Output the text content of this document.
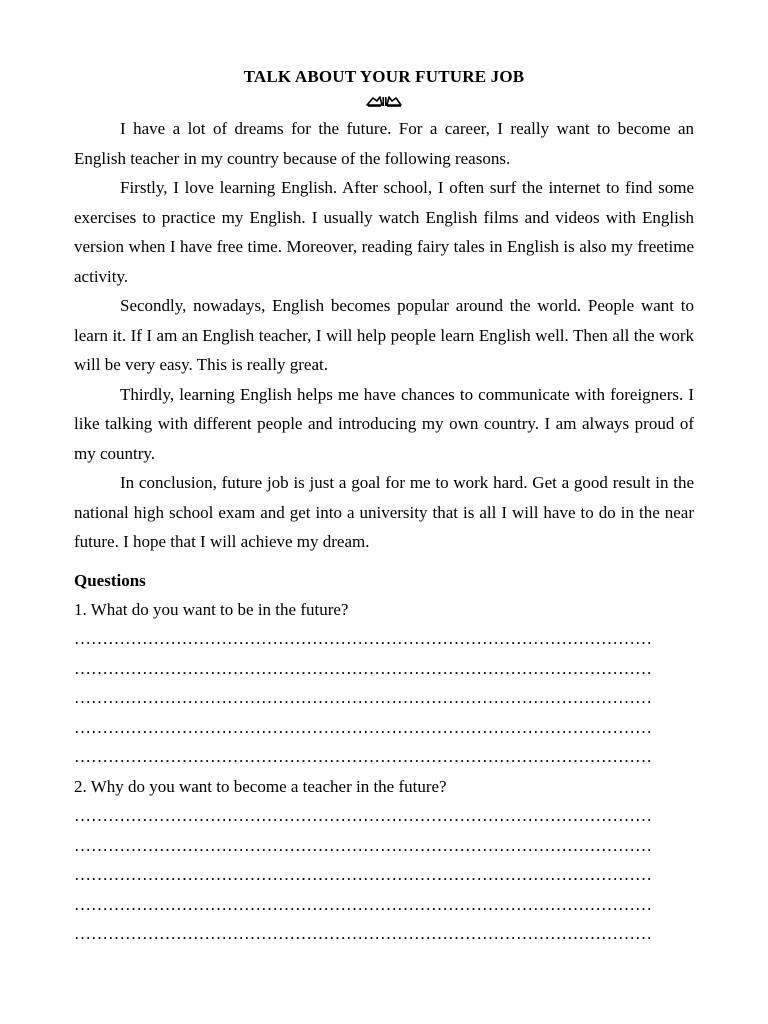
TALK ABOUT YOUR FUTURE JOB

I have a lot of dreams for the future. For a career, I really want to become an English teacher in my country because of the following reasons.

Firstly, I love learning English. After school, I often surf the internet to find some exercises to practice my English. I usually watch English films and videos with English version when I have free time. Moreover, reading fairy tales in English is also my freetime activity.

Secondly, nowadays, English becomes popular around the world. People want to learn it. If I am an English teacher, I will help people learn English well. Then all the work will be very easy. This is really great.

Thirdly, learning English helps me have chances to communicate with foreigners. I like talking with different people and introducing my own country. I am always proud of my country.

In conclusion, future job is just a goal for me to work hard. Get a good result in the national high school exam and get into a university that is all I will have to do in the near future. I hope that I will achieve my dream.

Questions

1. What do you want to be in the future?

…………………………………………………………………………………………

…………………………………………………………………………………………

…………………………………………………………………………………………

…………………………………………………………………………………………

…………………………………………………………………………………………

2. Why do you want to become a teacher in the future?

…………………………………………………………………………………………

…………………………………………………………………………………………

…………………………………………………………………………………………

…………………………………………………………………………………………

…………………………………………………………………………………………
